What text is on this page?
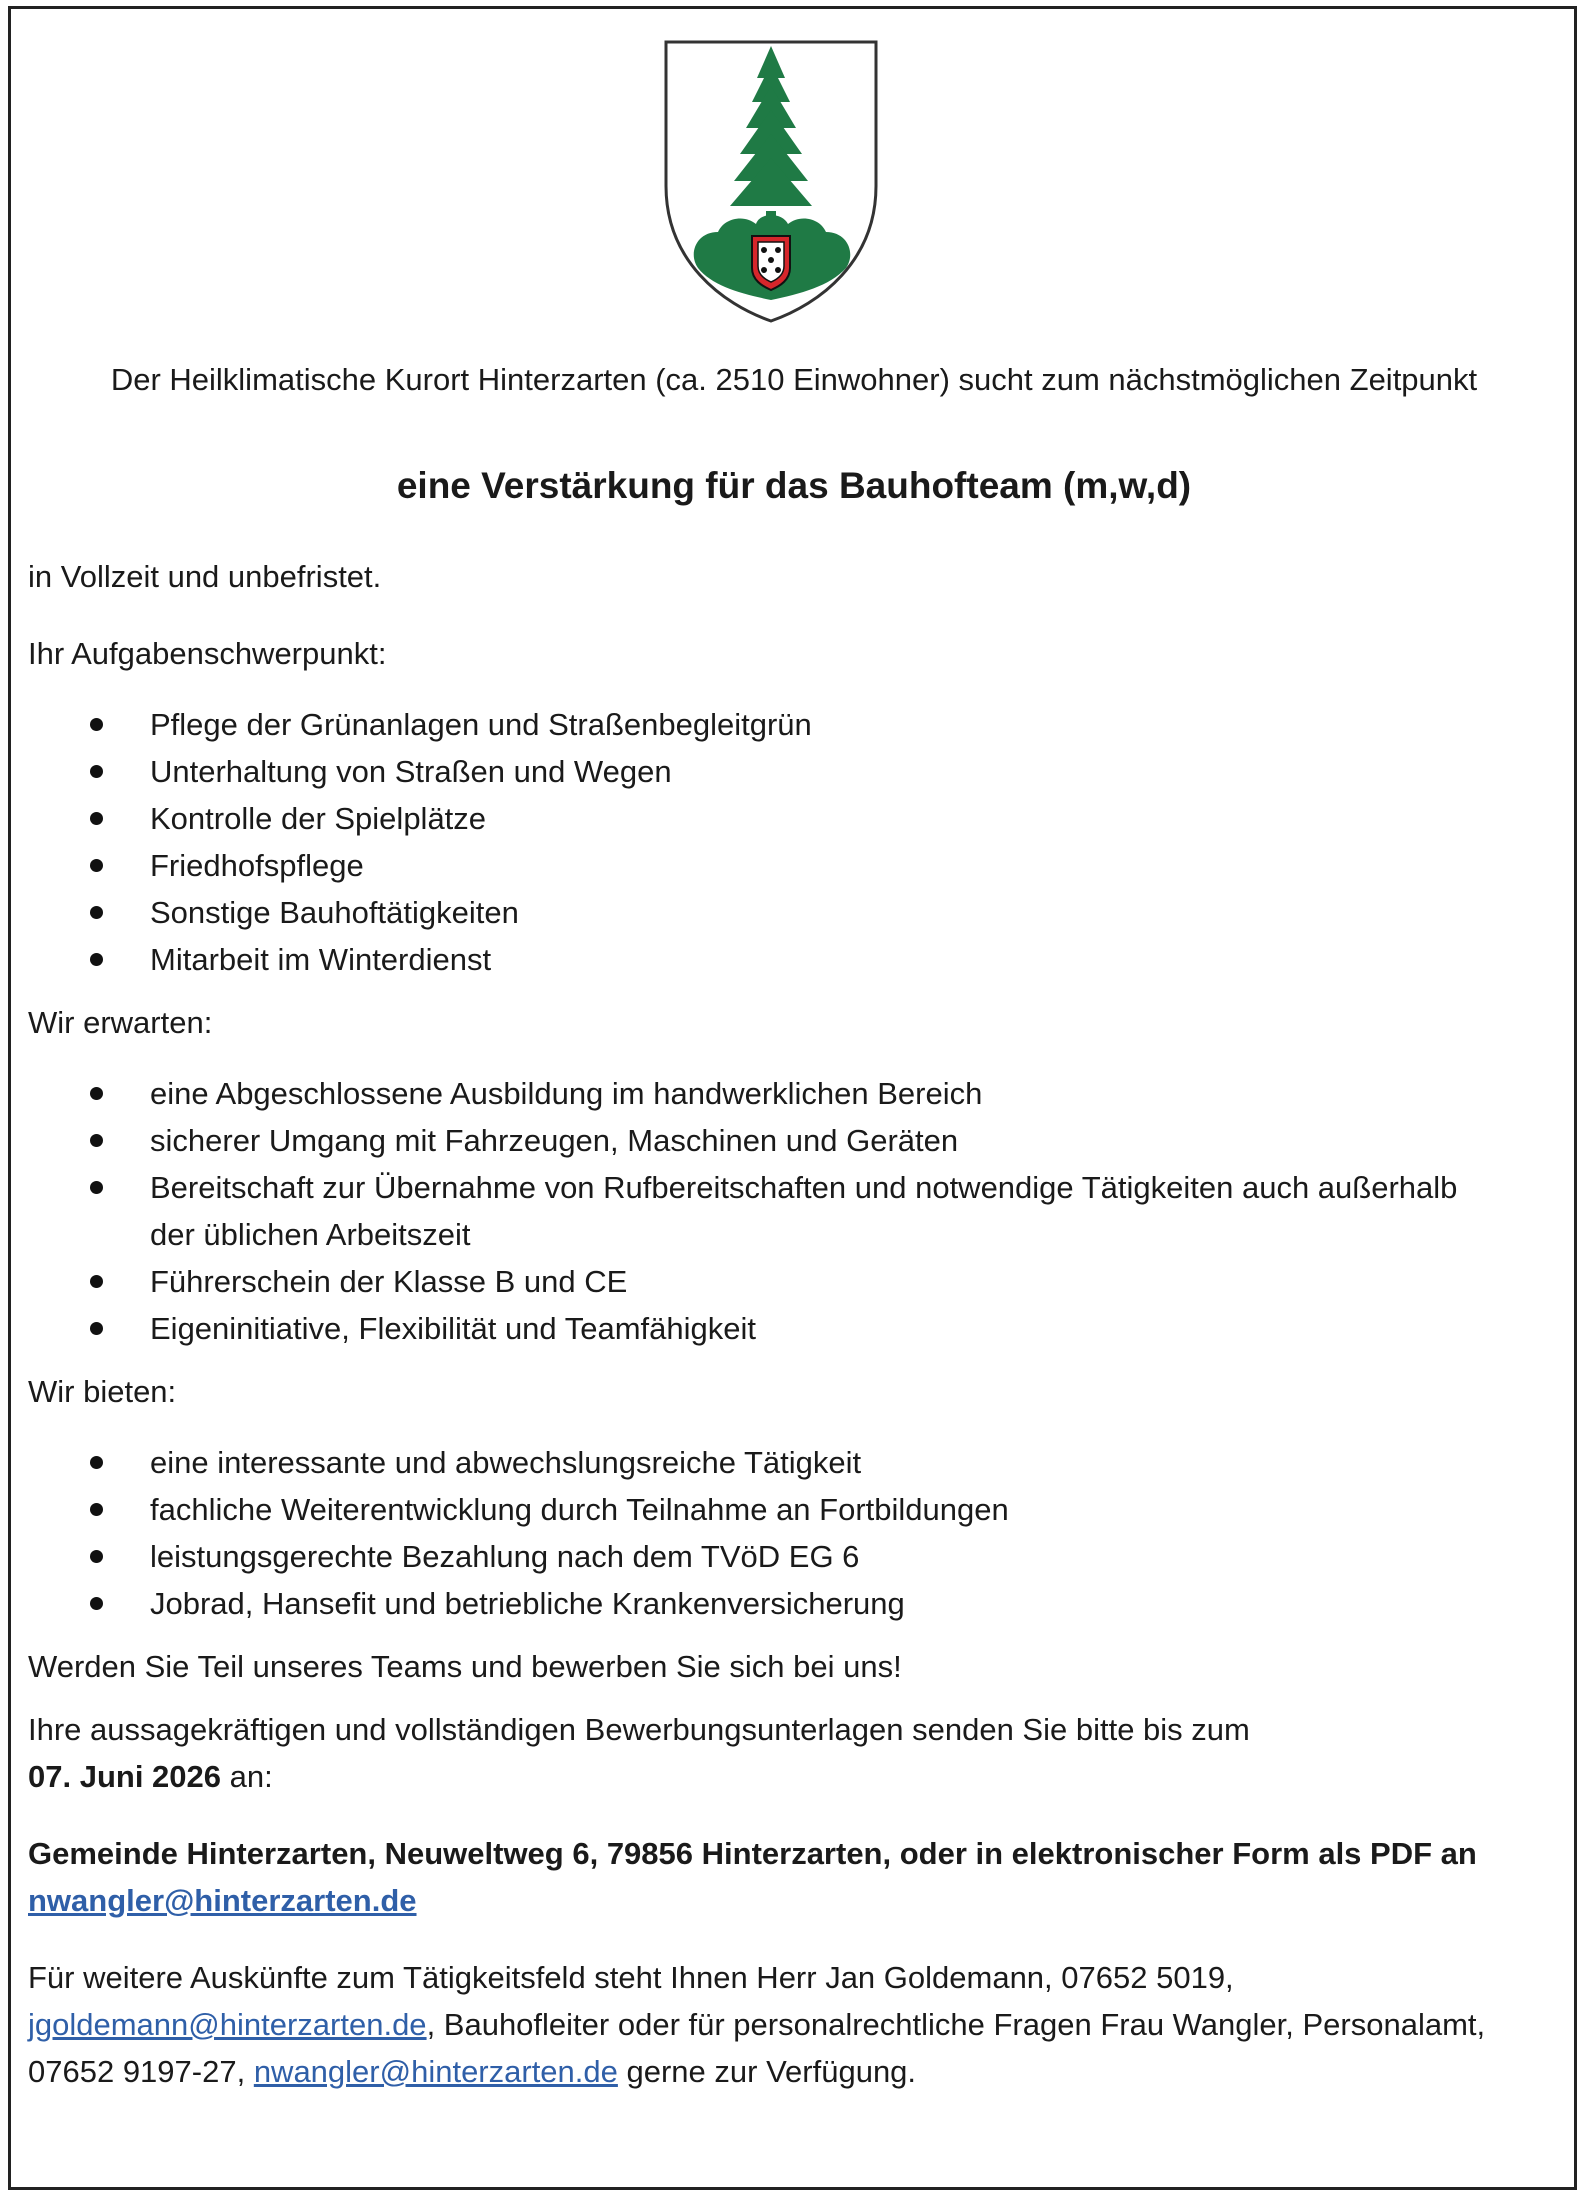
Der Heilklimatische Kurort Hinterzarten (ca. 2510 Einwohner) sucht zum nächstmöglichen Zeitpunkt
eine Verstärkung für das Bauhofteam (m,w,d)

in Vollzeit und unbefristet.

Ihr Aufgabenschwerpunkt:

Pflege der Grünanlagen und Straßenbegleitgrün
Unterhaltung von Straßen und Wegen
Kontrolle der Spielplätze
Friedhofspflege
Sonstige Bauhoftätigkeiten
Mitarbeit im Winterdienst

Wir erwarten:

eine Abgeschlossene Ausbildung im handwerklichen Bereich
sicherer Umgang mit Fahrzeugen, Maschinen und Geräten
Bereitschaft zur Übernahme von Rufbereitschaften und notwendige Tätigkeiten auch außerhalb der üblichen Arbeitszeit
Führerschein der Klasse B und CE
Eigeninitiative, Flexibilität und Teamfähigkeit

Wir bieten:

eine interessante und abwechslungsreiche Tätigkeit
fachliche Weiterentwicklung durch Teilnahme an Fortbildungen
leistungsgerechte Bezahlung nach dem TVöD EG 6
Jobrad, Hansefit und betriebliche Krankenversicherung

Werden Sie Teil unseres Teams und bewerben Sie sich bei uns!

Ihre aussagekräftigen und vollständigen Bewerbungsunterlagen senden Sie bitte bis zum
07. Juni 2026 an:

Gemeinde Hinterzarten, Neuweltweg 6, 79856 Hinterzarten, oder in elektronischer Form als PDF an
nwangler@hinterzarten.de

Für weitere Auskünfte zum Tätigkeitsfeld steht Ihnen Herr Jan Goldemann, 07652 5019,
jgoldemann@hinterzarten.de, Bauhofleiter oder für personalrechtliche Fragen Frau Wangler, Personalamt, 07652 9197-27, nwangler@hinterzarten.de gerne zur Verfügung.
